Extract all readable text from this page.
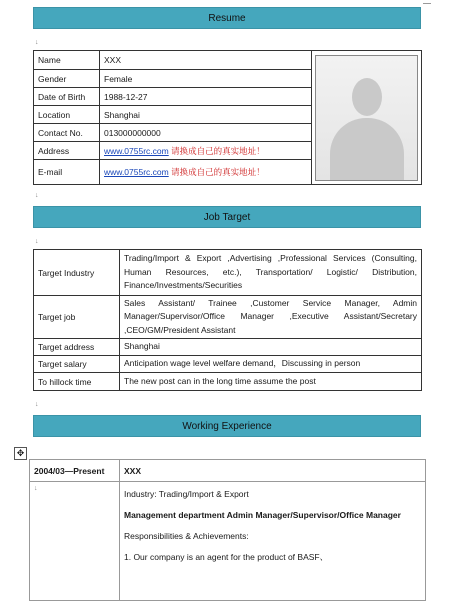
Resume
↓
Name	XXX	

Gender	Female	
Date of Birth	1988-12-27	
Location	Shanghai	
Contact No.	013000000000	
Address	www.0755rc.com 请换成自己的真实地址！	
E-mail	www.0755rc.com 请换成自己的真实地址！	
↓
Job Target
↓
Target Industry	Trading/Import & Export ,Advertising ,Professional Services (Consulting, Human Resources, etc.), Transportation/ Logistic/ Distribution, Finance/Investments/Securities
Target job	Sales Assistant/ Trainee ,Customer Service Manager, Admin Manager/Supervisor/Office Manager ,Executive Assistant/Secretary ,CEO/GM/President Assistant
Target address	Shanghai
Target salary	Anticipation wage level welfare demand，Discussing in person
To hillock time	The new post can in the long time assume the post
↓
Working Experience
✥
2004/03—Present	XXX
↓	Industry: Trading/Import & Export

Management department Admin Manager/Supervisor/Office Manager

Responsibilities & Achievements:

1. Our company is an agent for the product of BASF、
